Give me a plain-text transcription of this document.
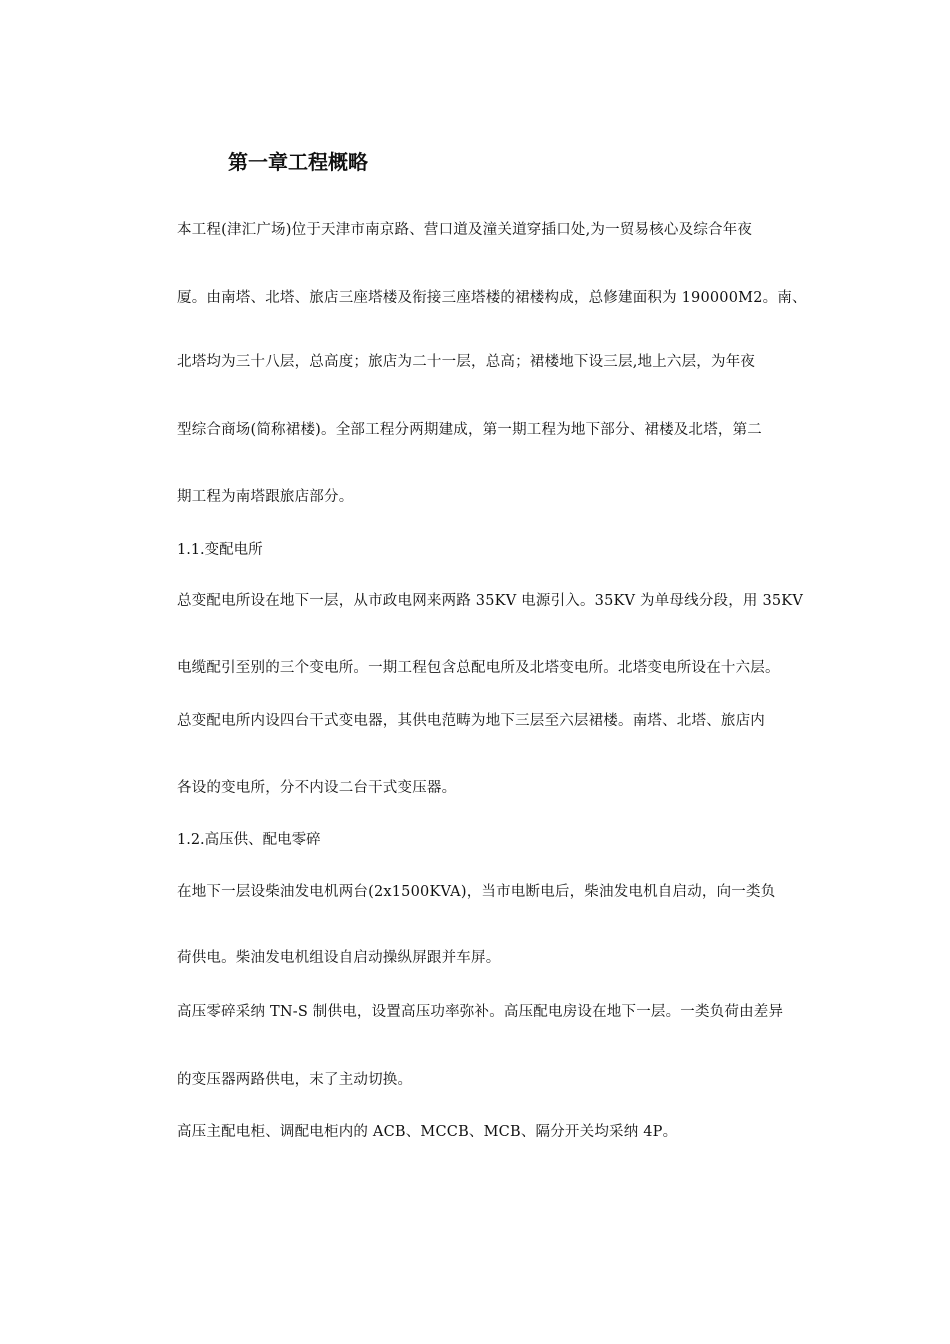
第一章工程概略
本工程(津汇广场)位于天津市南京路、营口道及潼关道穿插口处,为一贸易核心及综合年夜
厦。由南塔、北塔、旅店三座塔楼及衔接三座塔楼的裙楼构成，总修建面积为 190000M2。南、
北塔均为三十八层，总高度；旅店为二十一层，总高；裙楼地下设三层,地上六层，为年夜
型综合商场(简称裙楼)。全部工程分两期建成，第一期工程为地下部分、裙楼及北塔，第二
期工程为南塔跟旅店部分。
1.1.变配电所
总变配电所设在地下一层，从市政电网来两路 35KV 电源引入。35KV 为单母线分段，用 35KV
电缆配引至别的三个变电所。一期工程包含总配电所及北塔变电所。北塔变电所设在十六层。
总变配电所内设四台干式变电器，其供电范畴为地下三层至六层裙楼。南塔、北塔、旅店内
各设的变电所，分不内设二台干式变压器。
1.2.高压供、配电零碎
在地下一层设柴油发电机两台(2x1500KVA)，当市电断电后，柴油发电机自启动，向一类负
荷供电。柴油发电机组设自启动操纵屏跟并车屏。
高压零碎采纳 TN-S 制供电，设置高压功率弥补。高压配电房设在地下一层。一类负荷由差异
的变压器两路供电，末了主动切换。
高压主配电柜、调配电柜内的 ACB、MCCB、MCB、隔分开关均采纳 4P。
